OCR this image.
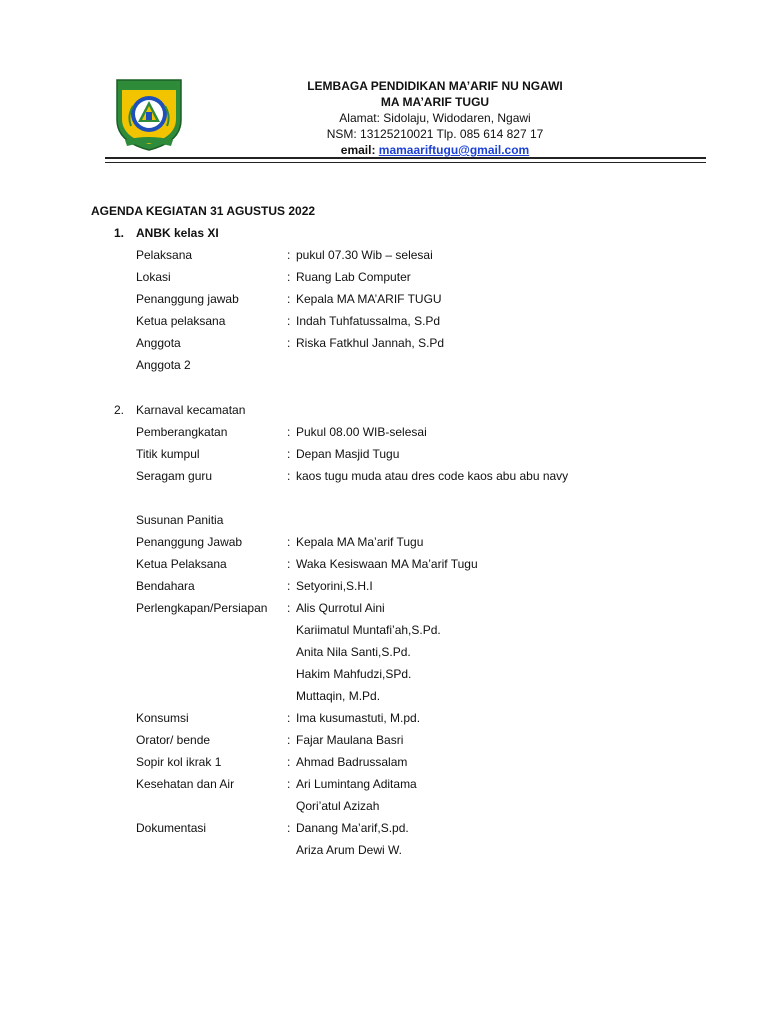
LEMBAGA PENDIDIKAN MA’ARIF NU NGAWI
MA MA’ARIF TUGU
Alamat: Sidolaju, Widodaren, Ngawi
NSM: 13125210021 Tlp. 085 614 827 17
email: mamaariftugu@gmail.com
AGENDA KEGIATAN 31 AGUSTUS 2022
1. ANBK kelas XI
Pelaksana	: pukul 07.30 Wib – selesai
Lokasi	: Ruang Lab Computer
Penanggung jawab	: Kepala MA MA’ARIF TUGU
Ketua pelaksana	: Indah Tuhfatussalma, S.Pd
Anggota	: Riska Fatkhul Jannah, S.Pd
Anggota 2
2. Karnaval kecamatan
Pemberangkatan	: Pukul 08.00 WIB-selesai
Titik kumpul	: Depan Masjid Tugu
Seragam guru	: kaos tugu muda atau dres code kaos abu abu navy
Susunan Panitia
Penanggung Jawab	: Kepala MA Ma’arif Tugu
Ketua Pelaksana	: Waka Kesiswaan MA Ma’arif Tugu
Bendahara	: Setyorini,S.H.I
Perlengkapan/Persiapan : Alis Qurrotul Aini
Kariimatul Muntafi’ah,S.Pd.
Anita Nila Santi,S.Pd.
Hakim Mahfudzi,SPd.
Muttaqin, M.Pd.
Konsumsi	: Ima kusumastuti, M.pd.
Orator/ bende	: Fajar Maulana Basri
Sopir kol ikrak 1	: Ahmad Badrussalam
Kesehatan dan Air	: Ari Lumintang Aditama
Qori’atul Azizah
Dokumentasi	: Danang Ma’arif,S.pd.
Ariza Arum Dewi W.
